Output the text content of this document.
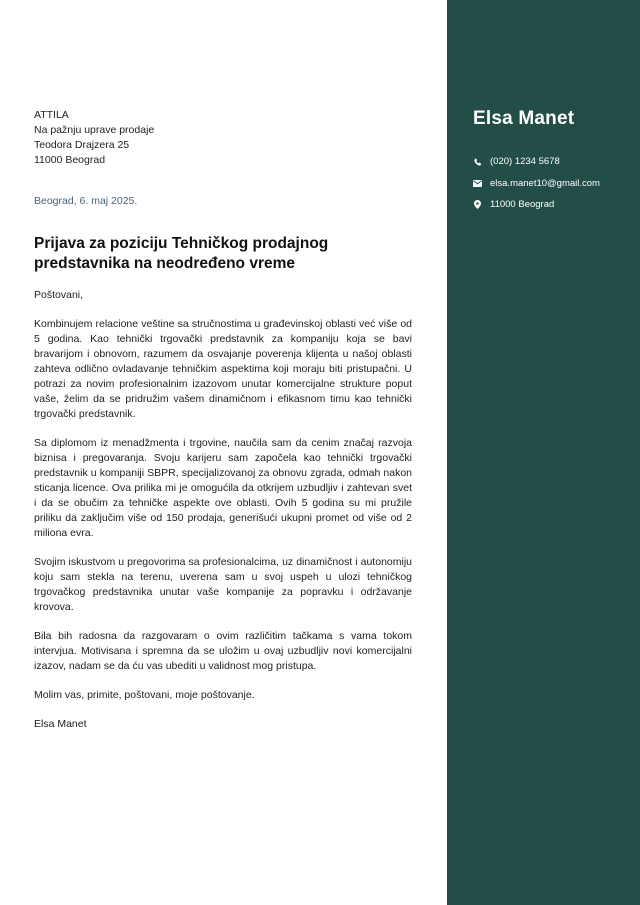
ATTILA
Na pažnju uprave prodaje
Teodora Drajzera 25
11000 Beograd
Beograd, 6. maj 2025.
Prijava za poziciju Tehničkog prodajnog predstavnika na neodređeno vreme
Poštovani,
Kombinujem relacione veštine sa stručnostima u građevinskoj oblasti već više od 5 godina. Kao tehnički trgovački predstavnik za kompaniju koja se bavi bravarijom i obnovom, razumem da osvajanje poverenja klijenta u našoj oblasti zahteva odlično ovladavanje tehničkim aspektima koji moraju biti pristupačni. U potrazi za novim profesionalnim izazovom unutar komercijalne strukture poput vaše, želim da se pridružim vašem dinamičnom i efikasnom timu kao tehnički trgovački predstavnik.
Sa diplomom iz menadžmenta i trgovine, naučila sam da cenim značaj razvoja biznisa i pregovaranja. Svoju karijeru sam započela kao tehnički trgovački predstavnik u kompaniji SBPR, specijalizovanoj za obnovu zgrada, odmah nakon sticanja licence. Ova prilika mi je omogućila da otkrijem uzbudljiv i zahtevan svet i da se obučim za tehničke aspekte ove oblasti. Ovih 5 godina su mi pružile priliku da zaključim više od 150 prodaja, generišući ukupni promet od više od 2 miliona evra.
Svojim iskustvom u pregovorima sa profesionalcima, uz dinamičnost i autonomiju koju sam stekla na terenu, uverena sam u svoj uspeh u ulozi tehničkog trgovačkog predstavnika unutar vaše kompanije za popravku i održavanje krovova.
Bila bih radosna da razgovaram o ovim različitim tačkama s vama tokom intervjua. Motivisana i spremna da se uložim u ovaj uzbudljiv novi komercijalni izazov, nadam se da ću vas ubediti u validnost mog pristupa.
Molim vas, primite, poštovani, moje poštovanje.
Elsa Manet
Elsa Manet
(020) 1234 5678
elsa.manet10@gmail.com
11000 Beograd
